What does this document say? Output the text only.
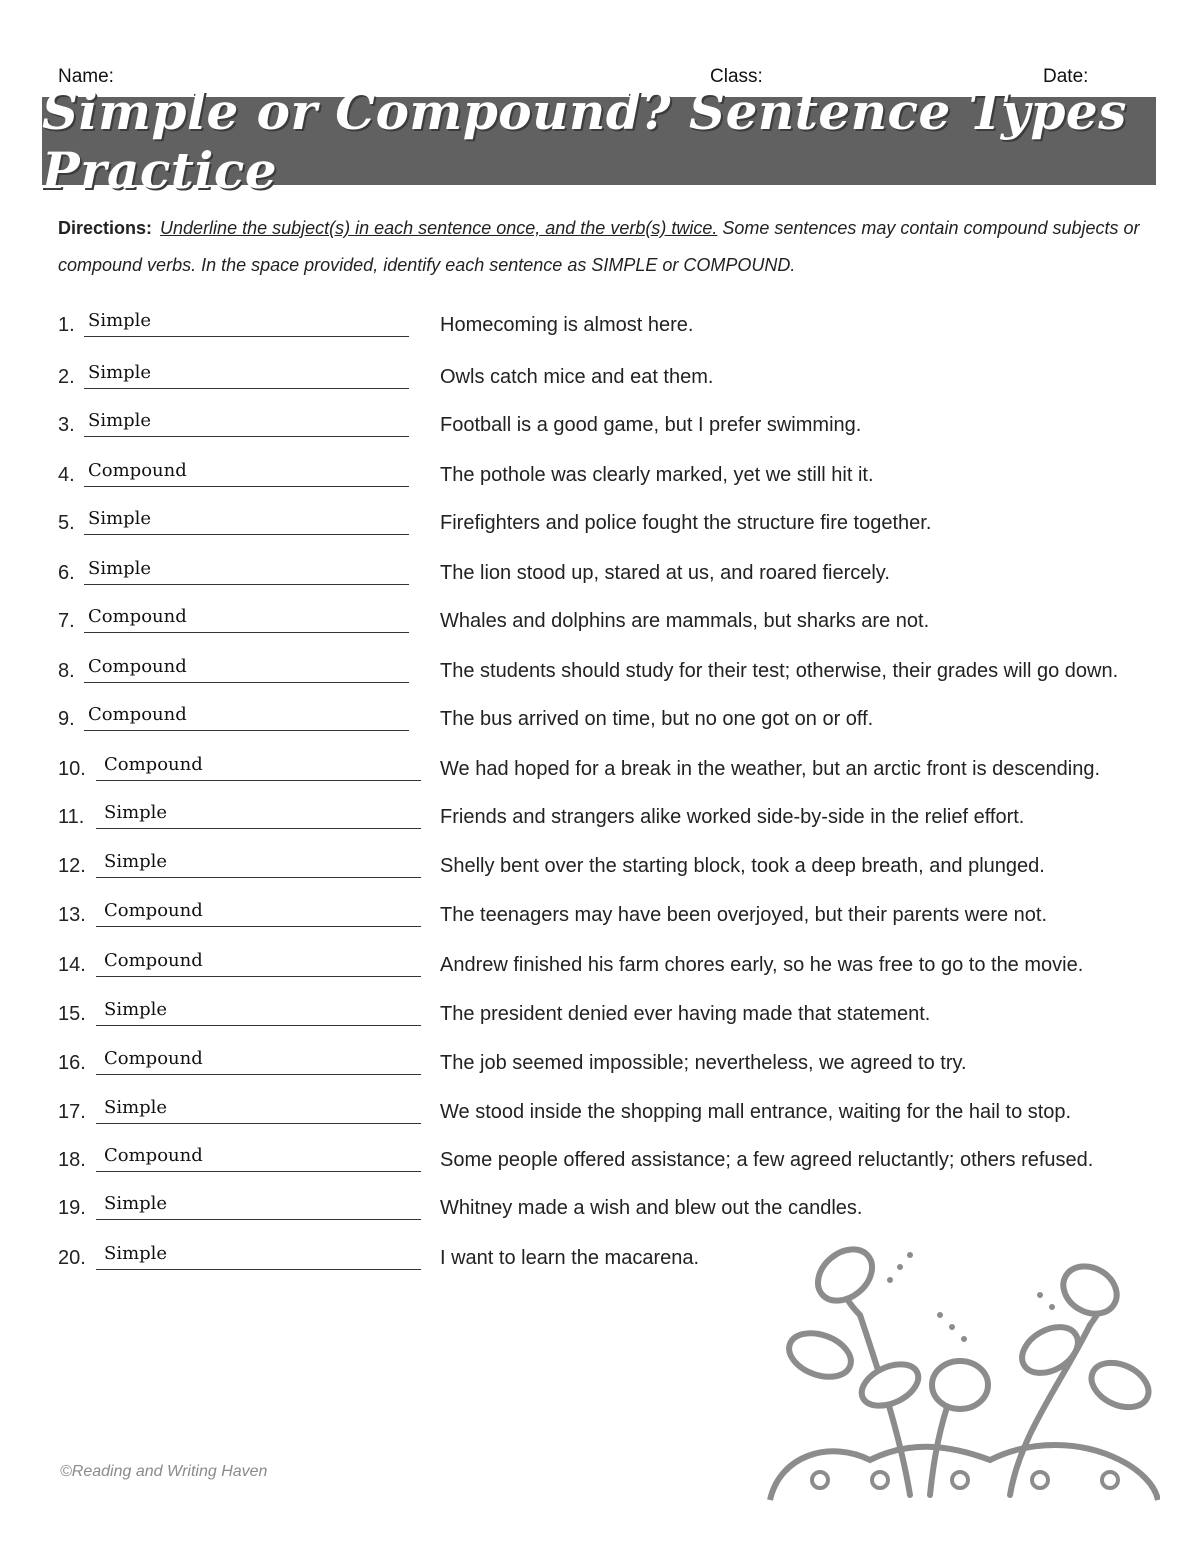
Name:	Class:	Date:
Simple or Compound? Sentence Types Practice
Directions: Underline the subject(s) in each sentence once, and the verb(s) twice. Some sentences may contain compound subjects or compound verbs. In the space provided, identify each sentence as SIMPLE or COMPOUND.
1. Simple	Homecoming is almost here.
2. Simple	Owls catch mice and eat them.
3. Simple	Football is a good game, but I prefer swimming.
4. Compound	The pothole was clearly marked, yet we still hit it.
5. Simple	Firefighters and police fought the structure fire together.
6. Simple	The lion stood up, stared at us, and roared fiercely.
7. Compound	Whales and dolphins are mammals, but sharks are not.
8. Compound	The students should study for their test; otherwise, their grades will go down.
9. Compound	The bus arrived on time, but no one got on or off.
10. Compound	We had hoped for a break in the weather, but an arctic front is descending.
11. Simple	Friends and strangers alike worked side-by-side in the relief effort.
12. Simple	Shelly bent over the starting block, took a deep breath, and plunged.
13. Compound	The teenagers may have been overjoyed, but their parents were not.
14. Compound	Andrew finished his farm chores early, so he was free to go to the movie.
15. Simple	The president denied ever having made that statement.
16. Compound	The job seemed impossible; nevertheless, we agreed to try.
17. Simple	We stood inside the shopping mall entrance, waiting for the hail to stop.
18. Compound	Some people offered assistance; a few agreed reluctantly; others refused.
19. Simple	Whitney made a wish and blew out the candles.
20. Simple	I want to learn the macarena.
©Reading and Writing Haven
